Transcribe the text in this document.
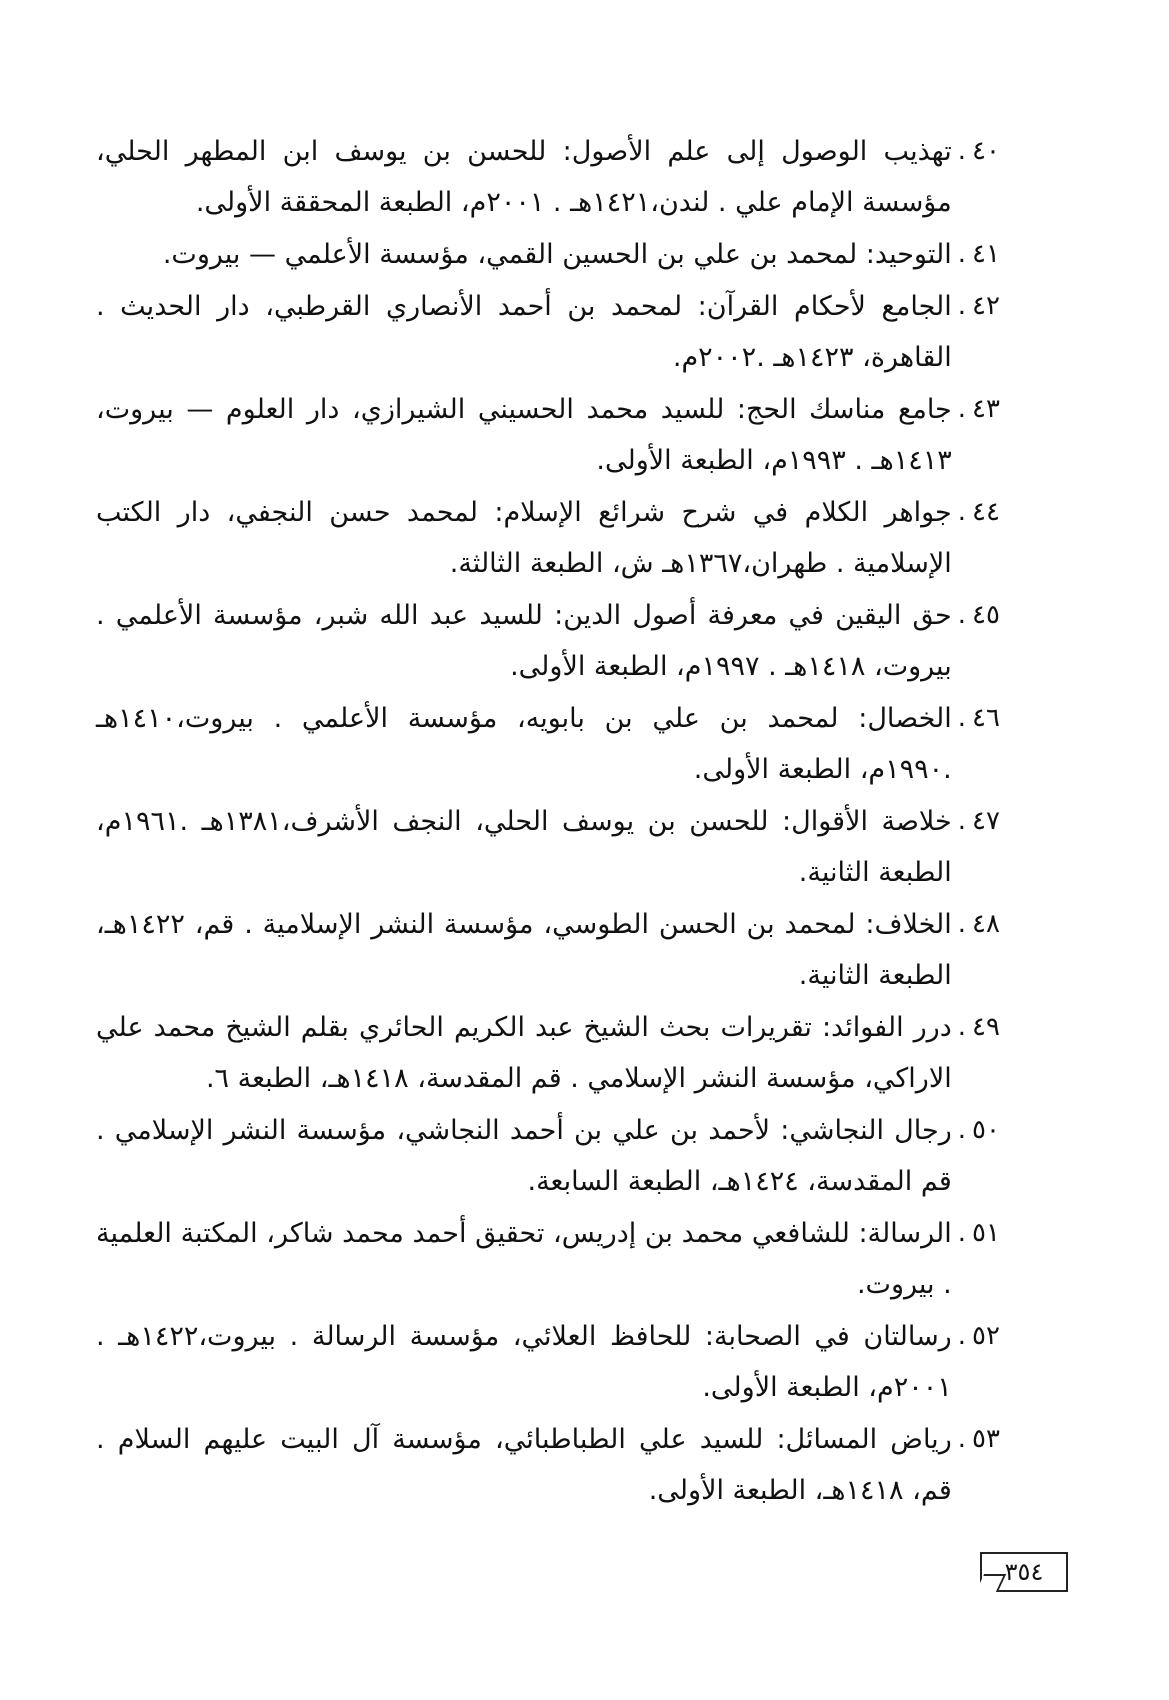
٤٠
.
تهذيب الوصول إلى علم الأصول: للحسن بن يوسف ابن المطهر الحلي، مؤسسة الإمام علي . لندن،١٤٢١هـ . ٢٠٠١م، الطبعة المحققة الأولى.
٤١
.
التوحيد: لمحمد بن علي بن الحسين القمي، مؤسسة الأعلمي — بيروت.
٤٢
.
الجامع لأحكام القرآن: لمحمد بن أحمد الأنصاري القرطبي، دار الحديث . القاهرة، ١٤٢٣هـ .٢٠٠٢م.
٤٣
.
جامع مناسك الحج: للسيد محمد الحسيني الشيرازي، دار العلوم — بيروت، ١٤١٣هـ . ١٩٩٣م، الطبعة الأولى.
٤٤
.
جواهر الكلام في شرح شرائع الإسلام: لمحمد حسن النجفي، دار الكتب الإسلامية . طهران،١٣٦٧هـ ش، الطبعة الثالثة.
٤٥
.
حق اليقين في معرفة أصول الدين: للسيد عبد الله شبر، مؤسسة الأعلمي . بيروت، ١٤١٨هـ . ١٩٩٧م، الطبعة الأولى.
٤٦
.
الخصال: لمحمد بن علي بن بابويه، مؤسسة الأعلمي . بيروت،١٤١٠هـ .١٩٩٠م، الطبعة الأولى.
٤٧
.
خلاصة الأقوال: للحسن بن يوسف الحلي، النجف الأشرف،١٣٨١هـ .١٩٦١م، الطبعة الثانية.
٤٨
.
الخلاف: لمحمد بن الحسن الطوسي، مؤسسة النشر الإسلامية . قم، ١٤٢٢هـ، الطبعة الثانية.
٤٩
.
درر الفوائد: تقريرات بحث الشيخ عبد الكريم الحائري بقلم الشيخ محمد علي الاراكي، مؤسسة النشر الإسلامي . قم المقدسة، ١٤١٨هـ، الطبعة ٦.
٥٠
.
رجال النجاشي: لأحمد بن علي بن أحمد النجاشي، مؤسسة النشر الإسلامي . قم المقدسة، ١٤٢٤هـ، الطبعة السابعة.
٥١
.
الرسالة: للشافعي محمد بن إدريس، تحقيق أحمد محمد شاكر، المكتبة العلمية . بيروت.
٥٢
.
رسالتان في الصحابة: للحافظ العلائي، مؤسسة الرسالة . بيروت،١٤٢٢هـ . ٢٠٠١م، الطبعة الأولى.
٥٣
.
رياض المسائل: للسيد علي الطباطبائي، مؤسسة آل البيت عليهم السلام . قم، ١٤١٨هـ، الطبعة الأولى.
٣٥٤
